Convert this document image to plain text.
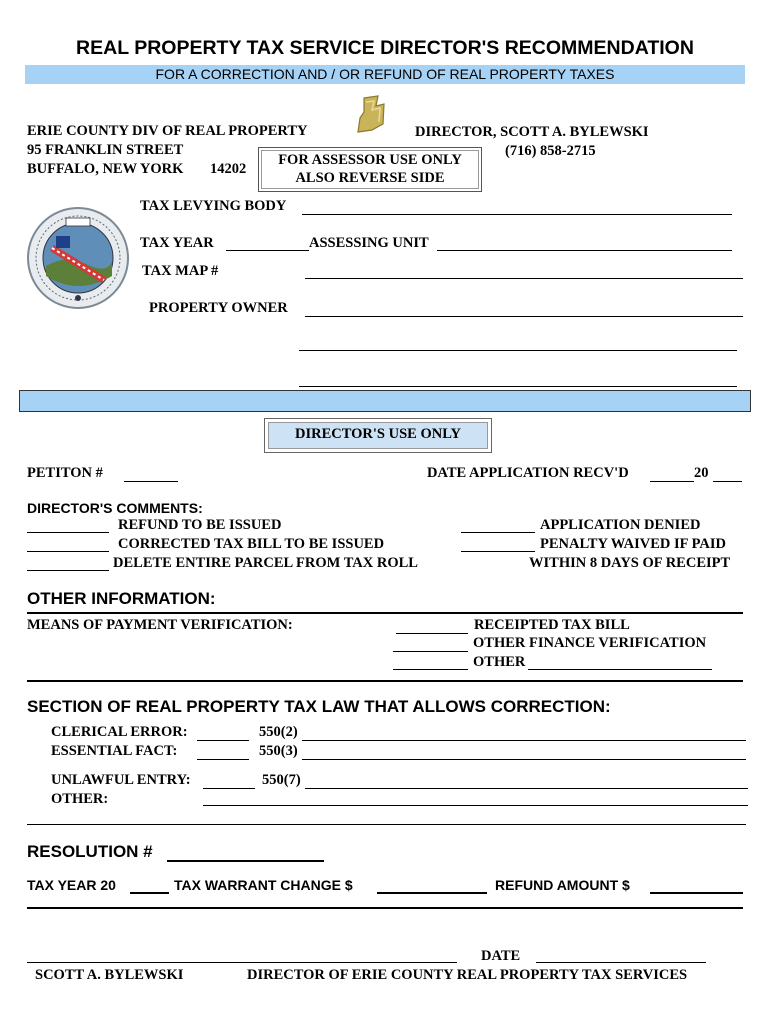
REAL PROPERTY TAX SERVICE DIRECTOR'S RECOMMENDATION
FOR A CORRECTION AND / OR REFUND OF REAL PROPERTY TAXES
ERIE COUNTY DIV OF REAL PROPERTY
95 FRANKLIN STREET
BUFFALO, NEW YORK 14202
DIRECTOR, SCOTT A. BYLEWSKI
(716) 858-2715
FOR ASSESSOR USE ONLY
ALSO REVERSE SIDE
TAX LEVYING BODY
TAX YEAR	ASSESSING UNIT
TAX MAP #
PROPERTY OWNER
DIRECTOR'S USE ONLY
PETITON #	DATE APPLICATION RECV'D	20
DIRECTOR'S COMMENTS:
REFUND TO BE ISSUED
CORRECTED TAX BILL TO BE ISSUED
DELETE ENTIRE PARCEL FROM TAX ROLL
APPLICATION DENIED
PENALTY WAIVED IF PAID
WITHIN 8 DAYS OF RECEIPT
OTHER INFORMATION:
MEANS OF PAYMENT VERIFICATION:	RECEIPTED TAX BILL
OTHER FINANCE VERIFICATION
OTHER
SECTION OF REAL PROPERTY TAX LAW THAT ALLOWS CORRECTION:
CLERICAL ERROR:	550(2)
ESSENTIAL FACT:	550(3)
UNLAWFUL ENTRY:	550(7)
OTHER:
RESOLUTION #
TAX YEAR 20	TAX WARRANT CHANGE $	REFUND AMOUNT $
DATE
SCOTT A. BYLEWSKI	DIRECTOR OF ERIE COUNTY REAL PROPERTY TAX SERVICES
